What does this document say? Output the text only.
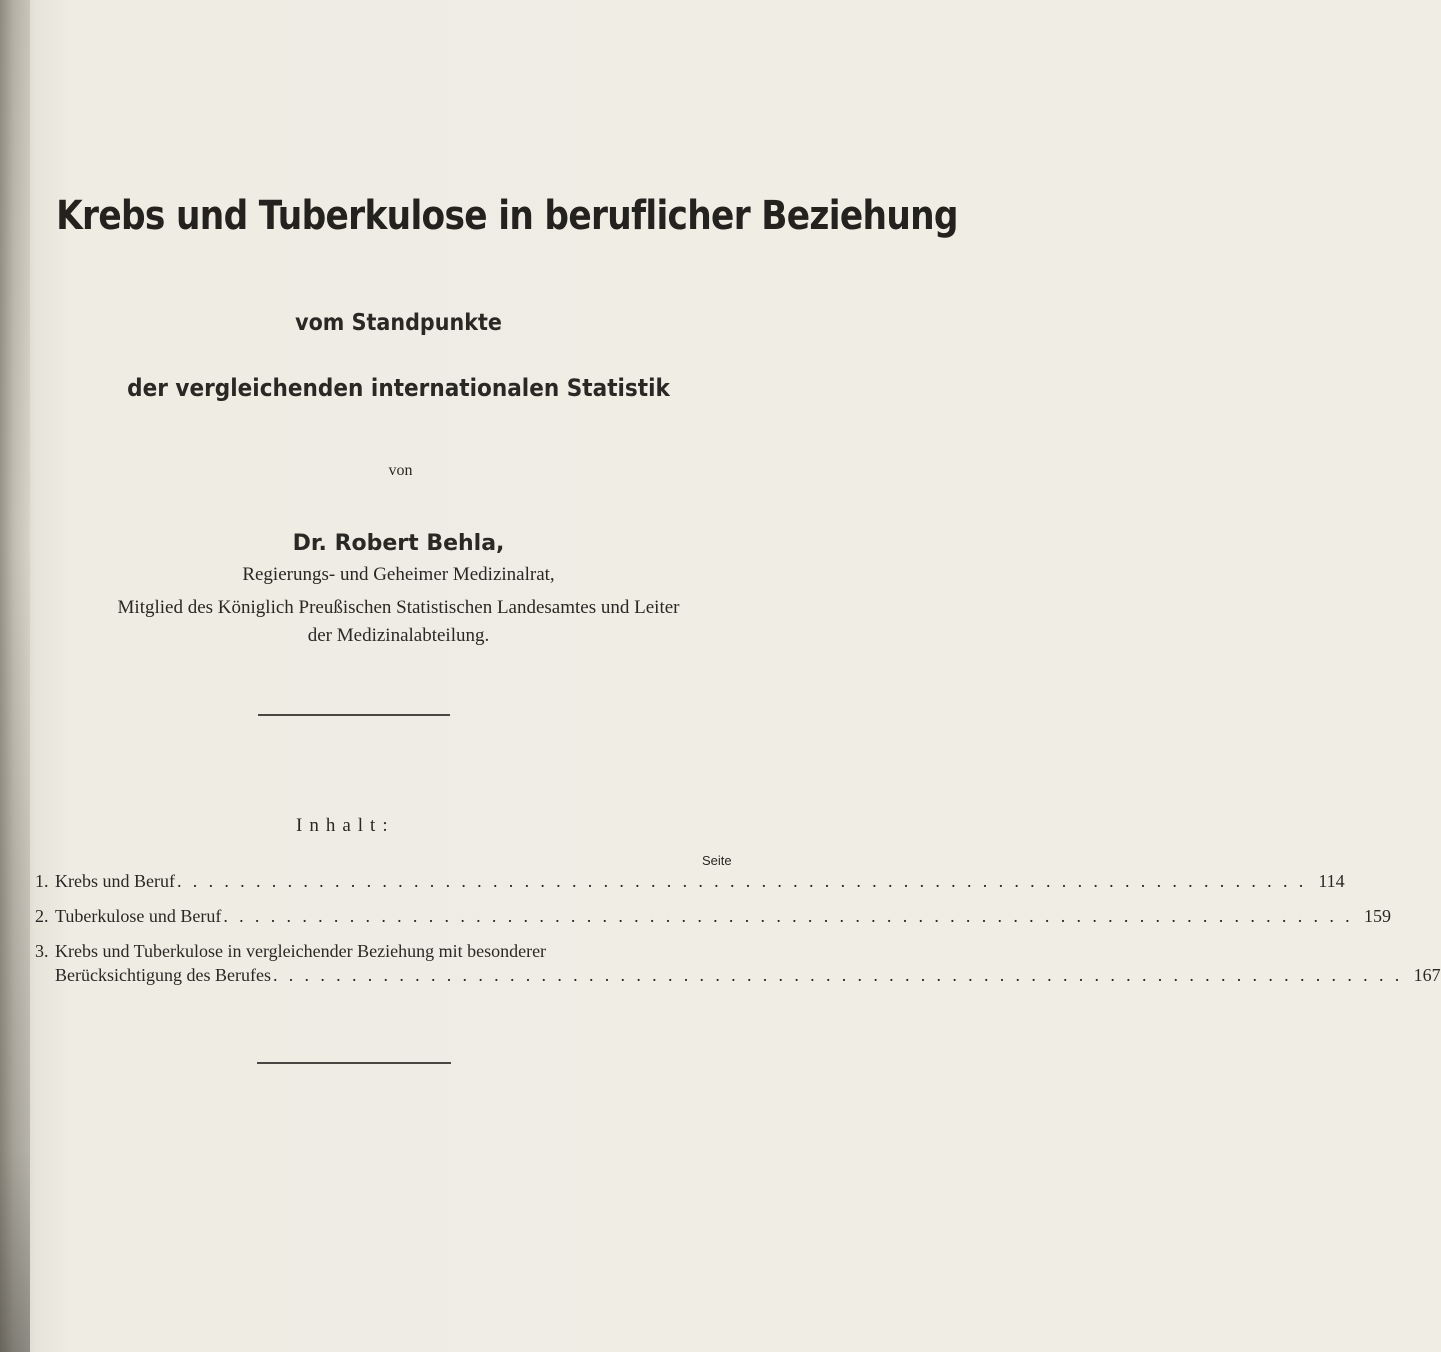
Krebs und Tuberkulose in beruflicher Beziehung
vom Standpunkte
der vergleichenden internationalen Statistik
von
Dr. Robert Behla,
Regierungs- und Geheimer Medizinalrat,
Mitglied des Königlich Preußischen Statistischen Landesamtes und Leiter
der Medizinalabteilung.
Inhalt:
Seite
1. Krebs und Beruf . . . . . . . . . . . . . . . . . . . . . . . . . . . . . . . . . . . . . . . . . . . . . . . . . . . . . . . . . . . . . . . . . . . . . . . . 114
2. Tuberkulose und Beruf . . . . . . . . . . . . . . . . . . . . . . . . . . . . . . . . . . . . . . . . . . . . . . . . . . . . . . . . . . . . . . . . . . . . . . . . 159
3. Krebs und Tuberkulose in vergleichender Beziehung mit besonderer
Berücksichtigung des Berufes . . . . . . . . . . . . . . . . . . . . . . . . . . . . . . . . . . . . . . . . . . . . . . . . . . . . . . . . . . . . . . . . . . . . . . . . 167
